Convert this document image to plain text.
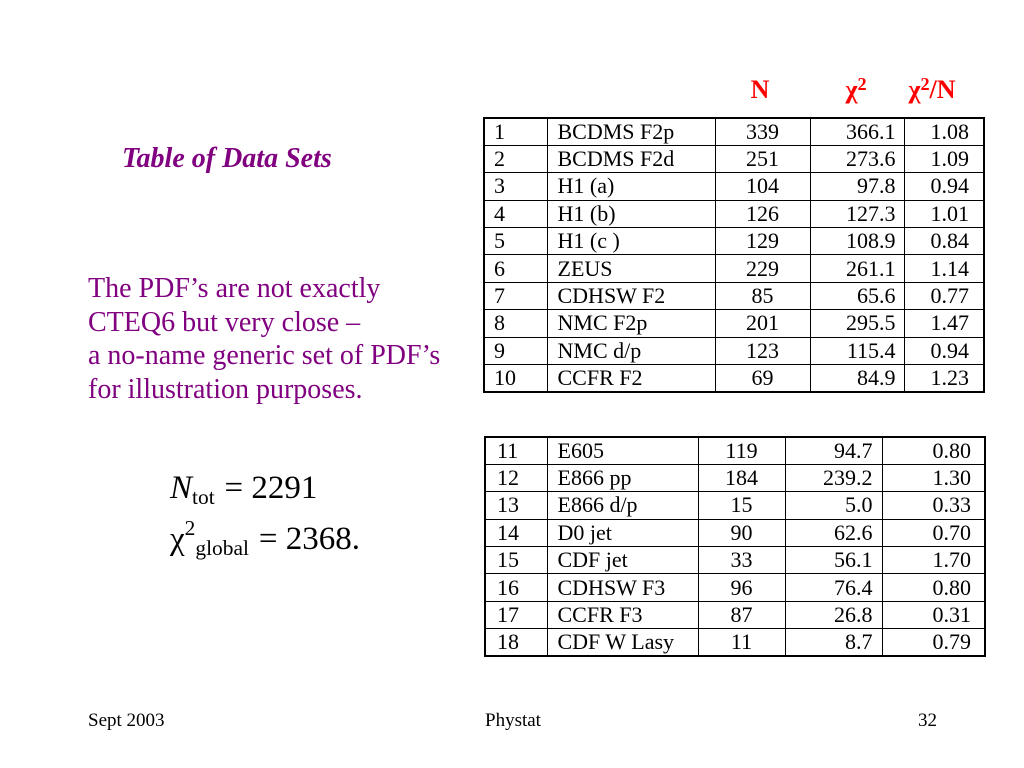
N	$\chi^2$	$\chi^2/N$
Table of Data Sets
The PDF’s are not exactly
CTEQ6 but very close –
a no-name generic set of PDF’s
for illustration purposes.
Ntot = 2291
$\chi^2global = 2368$.
1	BCDMS F2p	339	366.1	1.08
2	BCDMS F2d	251	273.6	1.09
3	H1 (a)	104	97.8	0.94
4	H1 (b)	126	127.3	1.01
5	H1 (c )	129	108.9	0.84
6	ZEUS	229	261.1	1.14
7	CDHSW F2	85	65.6	0.77
8	NMC F2p	201	295.5	1.47
9	NMC d/p	123	115.4	0.94
10	CCFR F2	69	84.9	1.23
11	E605	119	94.7	0.80
12	E866 pp	184	239.2	1.30
13	E866 d/p	15	5.0	0.33
14	D0 jet	90	62.6	0.70
15	CDF jet	33	56.1	1.70
16	CDHSW F3	96	76.4	0.80
17	CCFR F3	87	26.8	0.31
18	CDF W Lasy	11	8.7	0.79
Sept 2003	Phystat	32
